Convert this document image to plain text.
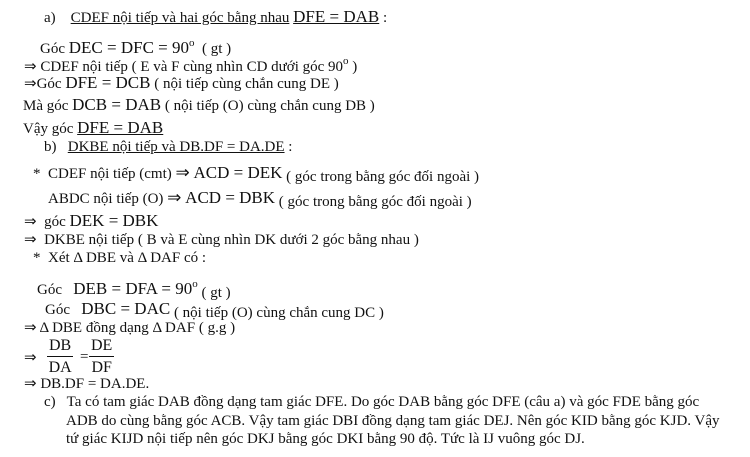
a) CDEF nội tiếp và hai góc bằng nhau DFE = DAB :
Góc DEC = DFC = $90^o$ ( gt )
⇒ CDEF nội tiếp ( E và F cùng nhìn CD dưới góc 90$^o$ )
⇒Góc DFE = DCB ( nội tiếp cùng chắn cung DE )
Mà góc DCB = DAB ( nội tiếp (O) cùng chắn cung DB )
Vậy góc DFE = DAB
b) DKBE nội tiếp và DB.DF = DA.DE :
* CDEF nội tiếp (cmt) ⇒ ACD = DEK ( góc trong bằng góc đối ngoài )
ABDC nội tiếp (O) ⇒ ACD = DBK ( góc trong bằng góc đối ngoài )
⇒ góc DEK = DBK
⇒ DKBE nội tiếp ( B và E cùng nhìn DK dưới 2 góc bằng nhau )
* Xét Δ DBE và Δ DAF có :
Góc DEB = DFA = $90^o$ ( gt )
Góc DBC = DAC ( nội tiếp (O) cùng chắn cung DC )
⇒ Δ DBE đồng dạng Δ DAF ( g.g )
⇒ $\frac{DB}{DA} = \frac{DE}{DF}$
⇒ DB.DF = DA.DE.
c) Ta có tam giác DAB đồng dạng tam giác DFE. Do góc DAB bằng góc DFE (câu a) và góc FDE bằng góc
ADB do cùng bằng góc ACB. Vậy tam giác DBI đồng dạng tam giác DEJ. Nên góc KID bằng góc KJD. Vậy
tứ giác KIJD nội tiếp nên góc DKJ bằng góc DKI bằng 90 độ. Tức là IJ vuông góc DJ.
